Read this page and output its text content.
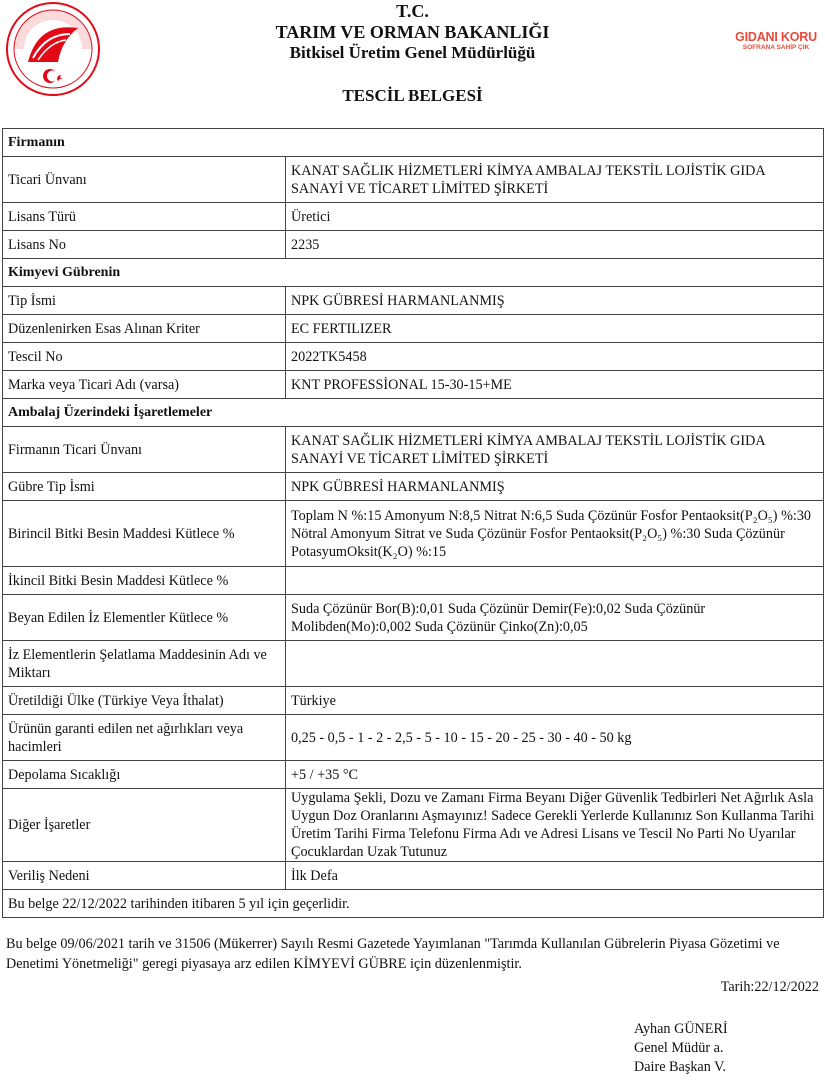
GIDANI KORU
SOFRANA SAHİP ÇIK
T.C.
TARIM VE ORMAN BAKANLIĞI
Bitkisel Üretim Genel Müdürlüğü
TESCİL BELGESİ
Firmanın	
Ticari Ünvanı	KANAT SAĞLIK HİZMETLERİ KİMYA AMBALAJ TEKSTİL LOJİSTİK GIDA SANAYİ VE TİCARET LİMİTED ŞİRKETİ
Lisans Türü	Üretici
Lisans No	2235
Kimyevi Gübrenin	
Tip İsmi	NPK GÜBRESİ HARMANLANMIŞ
Düzenlenirken Esas Alınan Kriter	EC FERTILIZER
Tescil No	2022TK5458
Marka veya Ticari Adı (varsa)	KNT PROFESSİONAL 15-30-15+ME
Ambalaj Üzerindeki İşaretlemeler	
Firmanın Ticari Ünvanı	KANAT SAĞLIK HİZMETLERİ KİMYA AMBALAJ TEKSTİL LOJİSTİK GIDA SANAYİ VE TİCARET LİMİTED ŞİRKETİ
Gübre Tip İsmi	NPK GÜBRESİ HARMANLANMIŞ
Birincil Bitki Besin Maddesi Kütlece %	Toplam N %:15 Amonyum N:8,5 Nitrat N:6,5 Suda Çözünür Fosfor Pentaoksit(P₂O₅) %:30 Nötral Amonyum Sitrat ve Suda Çözünür Fosfor Pentaoksit(P₂O₅) %:30 Suda Çözünür PotasyumOksit(K₂O) %:15
İkincil Bitki Besin Maddesi Kütlece %	
Beyan Edilen İz Elementler Kütlece %	Suda Çözünür Bor(B):0,01 Suda Çözünür Demir(Fe):0,02 Suda Çözünür Molibden(Mo):0,002 Suda Çözünür Çinko(Zn):0,05
İz Elementlerin Şelatlama Maddesinin Adı ve Miktarı	
Üretildiği Ülke (Türkiye Veya İthalat)	Türkiye
Ürünün garanti edilen net ağırlıkları veya hacimleri	0,25 - 0,5 - 1 - 2 - 2,5 - 5 - 10 - 15 - 20 - 25 - 30 - 40 - 50 kg
Depolama Sıcaklığı	+5 / +35 °C
Diğer İşaretler	Uygulama Şekli, Dozu ve Zamanı Firma Beyanı Diğer Güvenlik Tedbirleri Net Ağırlık Asla Uygun Doz Oranlarını Aşmayınız! Sadece Gerekli Yerlerde Kullanınız Son Kullanma Tarihi Üretim Tarihi Firma Telefonu Firma Adı ve Adresi Lisans ve Tescil No Parti No Uyarılar Çocuklardan Uzak Tutunuz
Veriliş Nedeni	İlk Defa
Bu belge 22/12/2022 tarihinden itibaren 5 yıl için geçerlidir.	
Bu belge 09/06/2021 tarih ve 31506 (Mükerrer) Sayılı Resmi Gazetede Yayımlanan "Tarımda Kullanılan Gübrelerin Piyasa Gözetimi ve Denetimi Yönetmeliği" geregi piyasaya arz edilen KİMYEVİ GÜBRE için düzenlenmiştir.
Tarih:22/12/2022
Ayhan GÜNERİ
Genel Müdür a.
Daire Başkan V.
